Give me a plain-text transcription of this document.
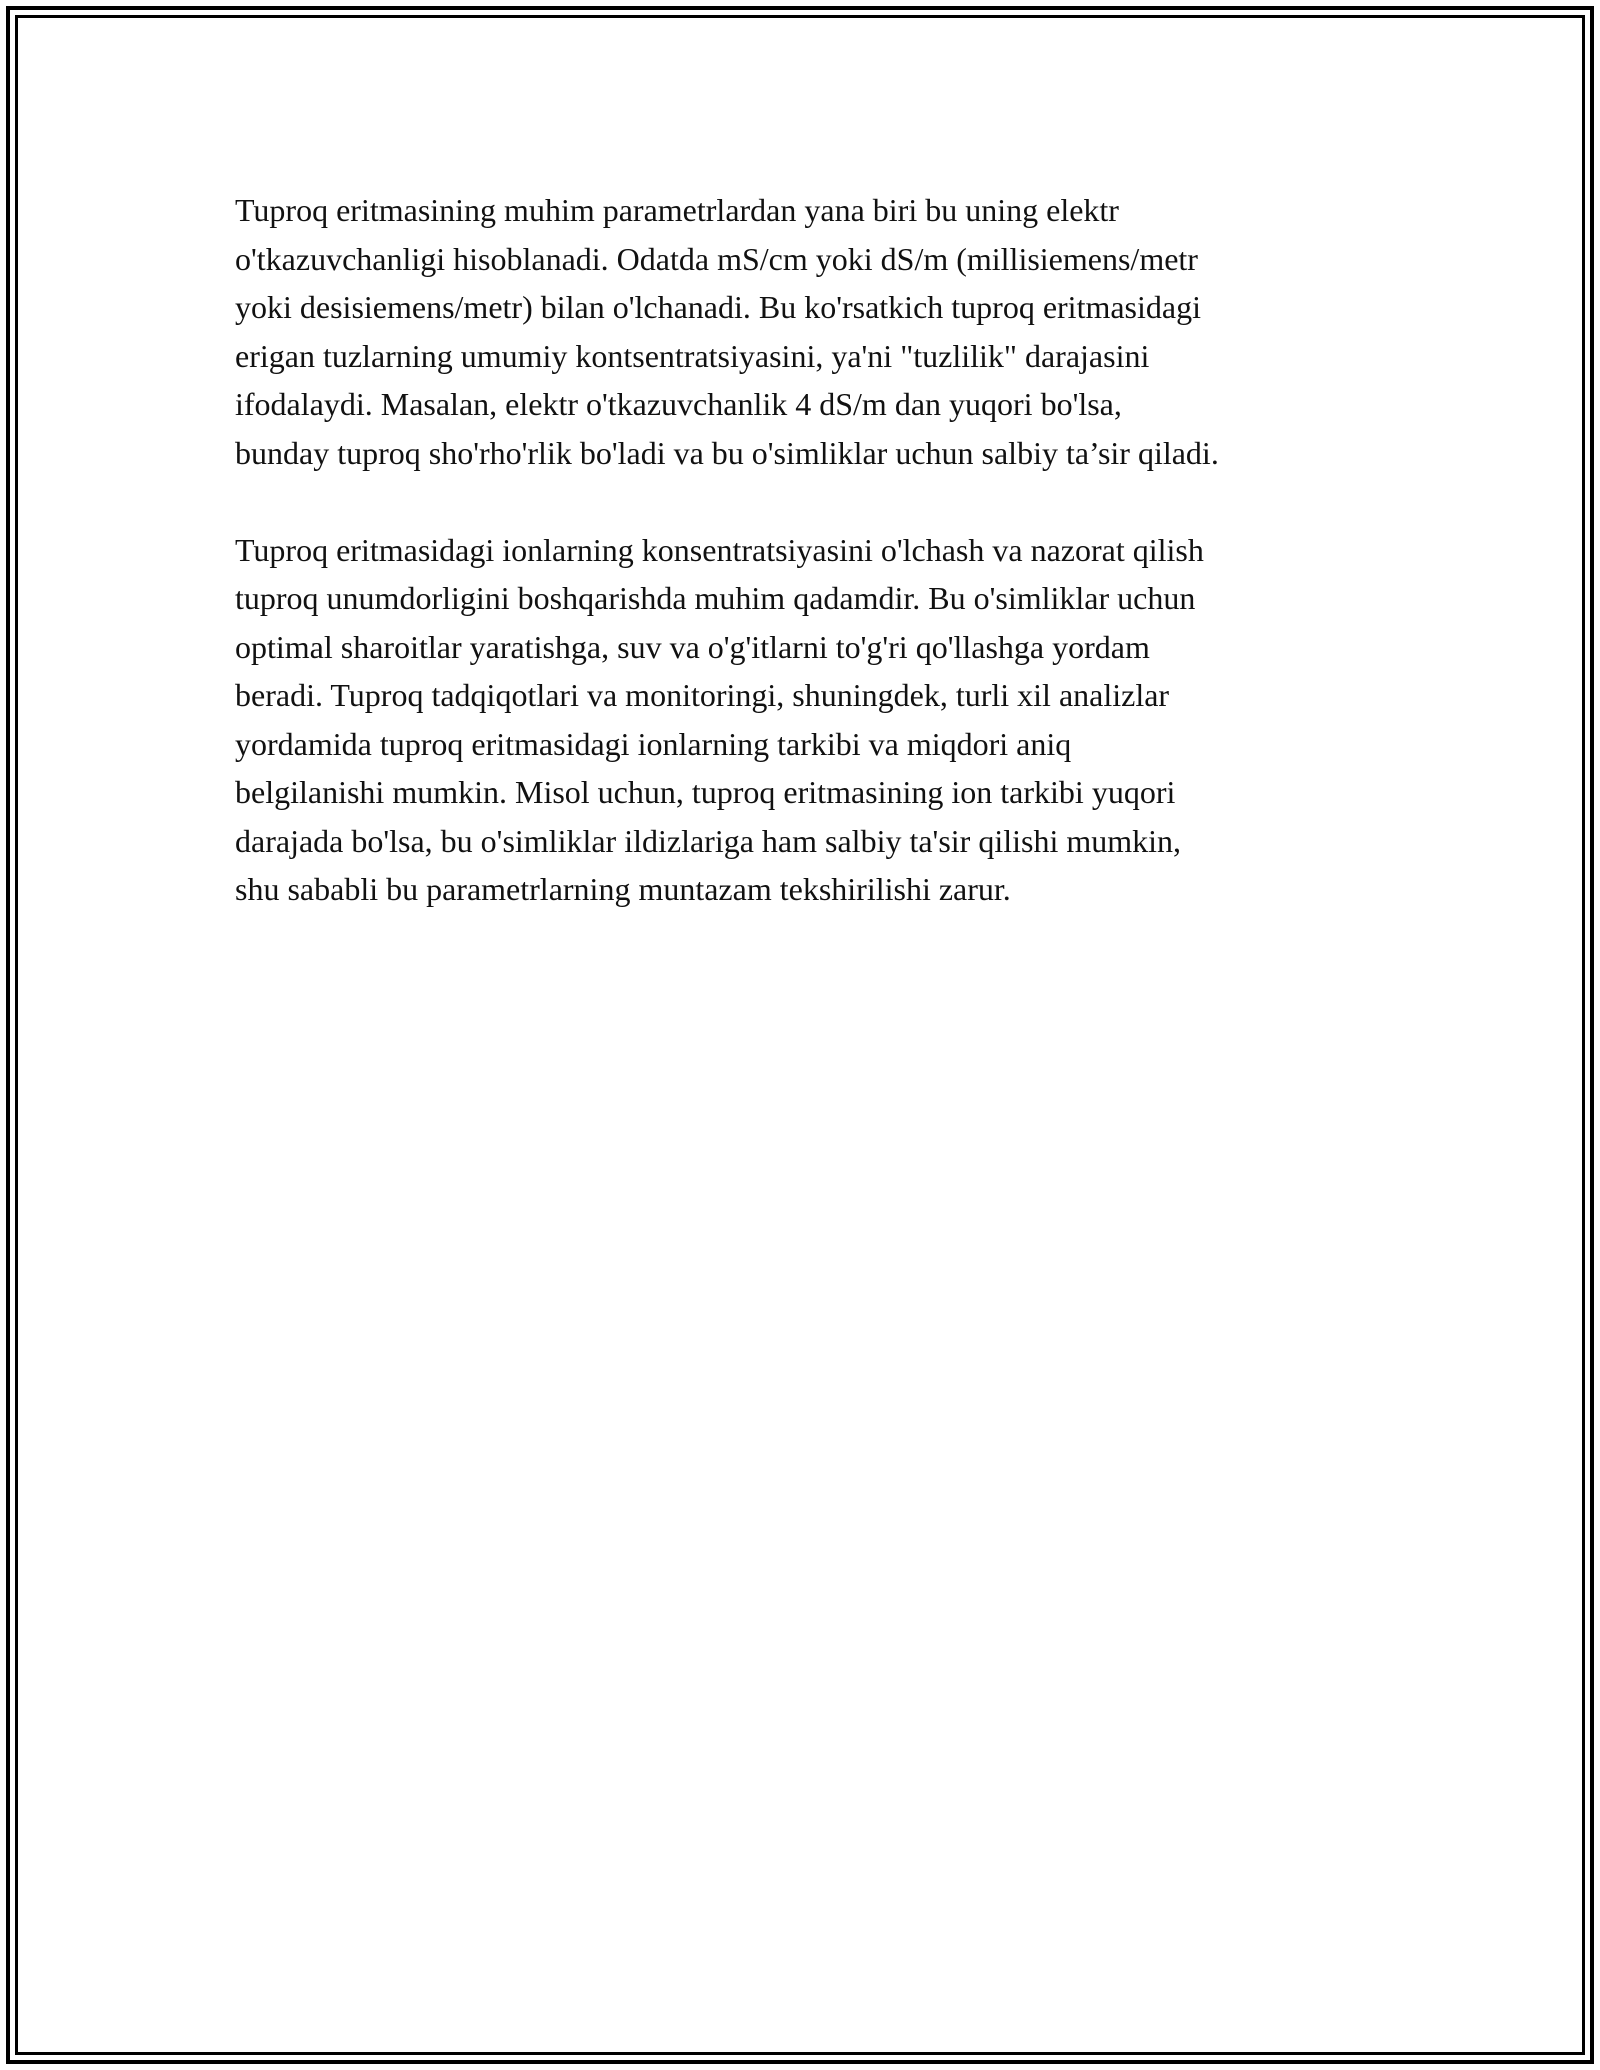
Tuproq eritmasining muhim parametrlardan yana biri bu uning elektr
o'tkazuvchanligi hisoblanadi. Odatda mS/cm yoki dS/m (millisiemens/metr
yoki desisiemens/metr) bilan o'lchanadi. Bu ko'rsatkich tuproq eritmasidagi
erigan tuzlarning umumiy kontsentratsiyasini, ya'ni "tuzlilik" darajasini
ifodalaydi. Masalan, elektr o'tkazuvchanlik 4 dS/m dan yuqori bo'lsa,
bunday tuproq sho'rho'rlik bo'ladi va bu o'simliklar uchun salbiy ta’sir qiladi.
Tuproq eritmasidagi ionlarning konsentratsiyasini o'lchash va nazorat qilish
tuproq unumdorligini boshqarishda muhim qadamdir. Bu o'simliklar uchun
optimal sharoitlar yaratishga, suv va o'g'itlarni to'g'ri qo'llashga yordam
beradi. Tuproq tadqiqotlari va monitoringi, shuningdek, turli xil analizlar
yordamida tuproq eritmasidagi ionlarning tarkibi va miqdori aniq
belgilanishi mumkin. Misol uchun, tuproq eritmasining ion tarkibi yuqori
darajada bo'lsa, bu o'simliklar ildizlariga ham salbiy ta'sir qilishi mumkin,
shu sababli bu parametrlarning muntazam tekshirilishi zarur.
